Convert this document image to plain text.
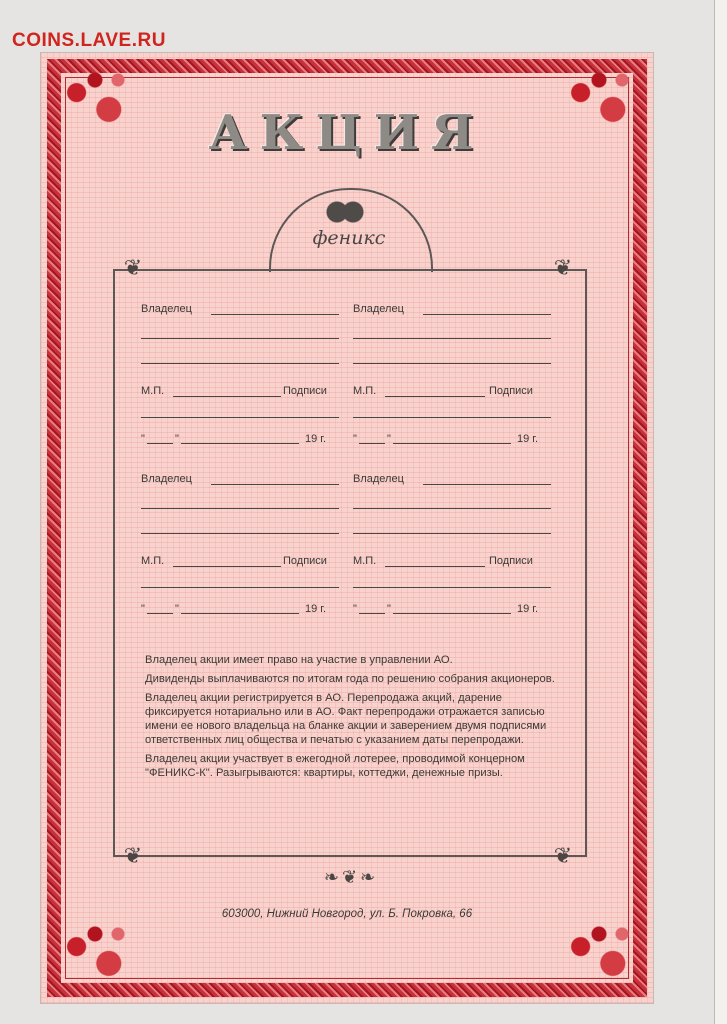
COINS.LAVE.RU
АКЦИЯ
феникс
❦	❦
❦	❦
Владелец
М.П.	Подписи
"	"	19 г.
Владелец
М.П.	Подписи
"	"	19 г.
Владелец
М.П.	Подписи
"	"	19 г.
Владелец
М.П.	Подписи
"	"	19 г.

Владелец акции имеет право на участие в управлении АО.

Дивиденды выплачиваются по итогам года по решению собрания акционеров.

Владелец акции регистрируется в АО. Перепродажа акций, дарение фиксируется нотариально или в АО. Факт перепродажи отражается записью имени ее нового владельца на бланке акции и заверением двумя подписями ответственных лиц общества и печатью с указанием даты перепродажи.

Владелец акции участвует в ежегодной лотерее, проводимой концерном "ФЕНИКС-К". Разыгрываются: квартиры, коттеджи, денежные призы.

❧❦❧
603000, Нижний Новгород, ул. Б. Покровка, 66
